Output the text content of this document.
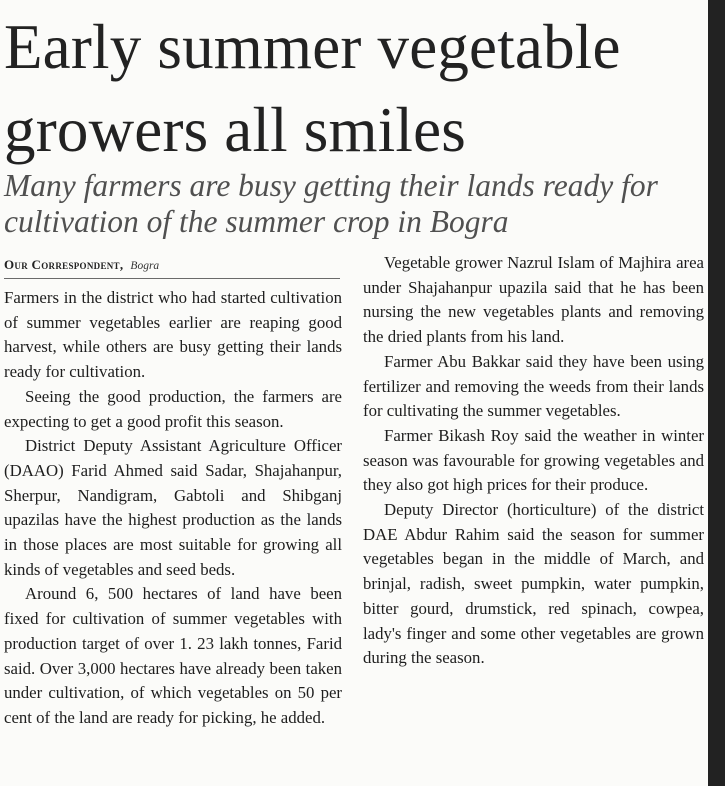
Early summer vegetable growers all smiles
Many farmers are busy getting their lands ready for cultivation of the summer crop in Bogra
Our Correspondent, Bogra

Farmers in the district who had started cultivation of summer vegetables earlier are reaping good harvest, while others are busy getting their lands ready for cultivation.

Seeing the good production, the farmers are expecting to get a good profit this season.

District Deputy Assistant Agriculture Officer (DAAO) Farid Ahmed said Sadar, Shajahanpur, Sherpur, Nandigram, Gabtoli and Shibganj upazilas have the highest production as the lands in those places are most suitable for growing all kinds of vegetables and seed beds.

Around 6, 500 hectares of land have been fixed for cultivation of summer vegetables with production target of over 1. 23 lakh tonnes, Farid said. Over 3,000 hectares have already been taken under cultivation, of which vegetables on 50 per cent of the land are ready for picking, he added.

Vegetable grower Nazrul Islam of Majhira area under Shajahanpur upazila said that he has been nursing the new vegetables plants and removing the dried plants from his land.

Farmer Abu Bakkar said they have been using fertilizer and removing the weeds from their lands for cultivating the summer vegetables.

Farmer Bikash Roy said the weather in winter season was favourable for growing vegetables and they also got high prices for their produce.

Deputy Director (horticulture) of the district DAE Abdur Rahim said the season for summer vegetables began in the middle of March, and brinjal, radish, sweet pumpkin, water pumpkin, bitter gourd, drumstick, red spinach, cowpea, lady's finger and some other vegetables are grown during the season.
